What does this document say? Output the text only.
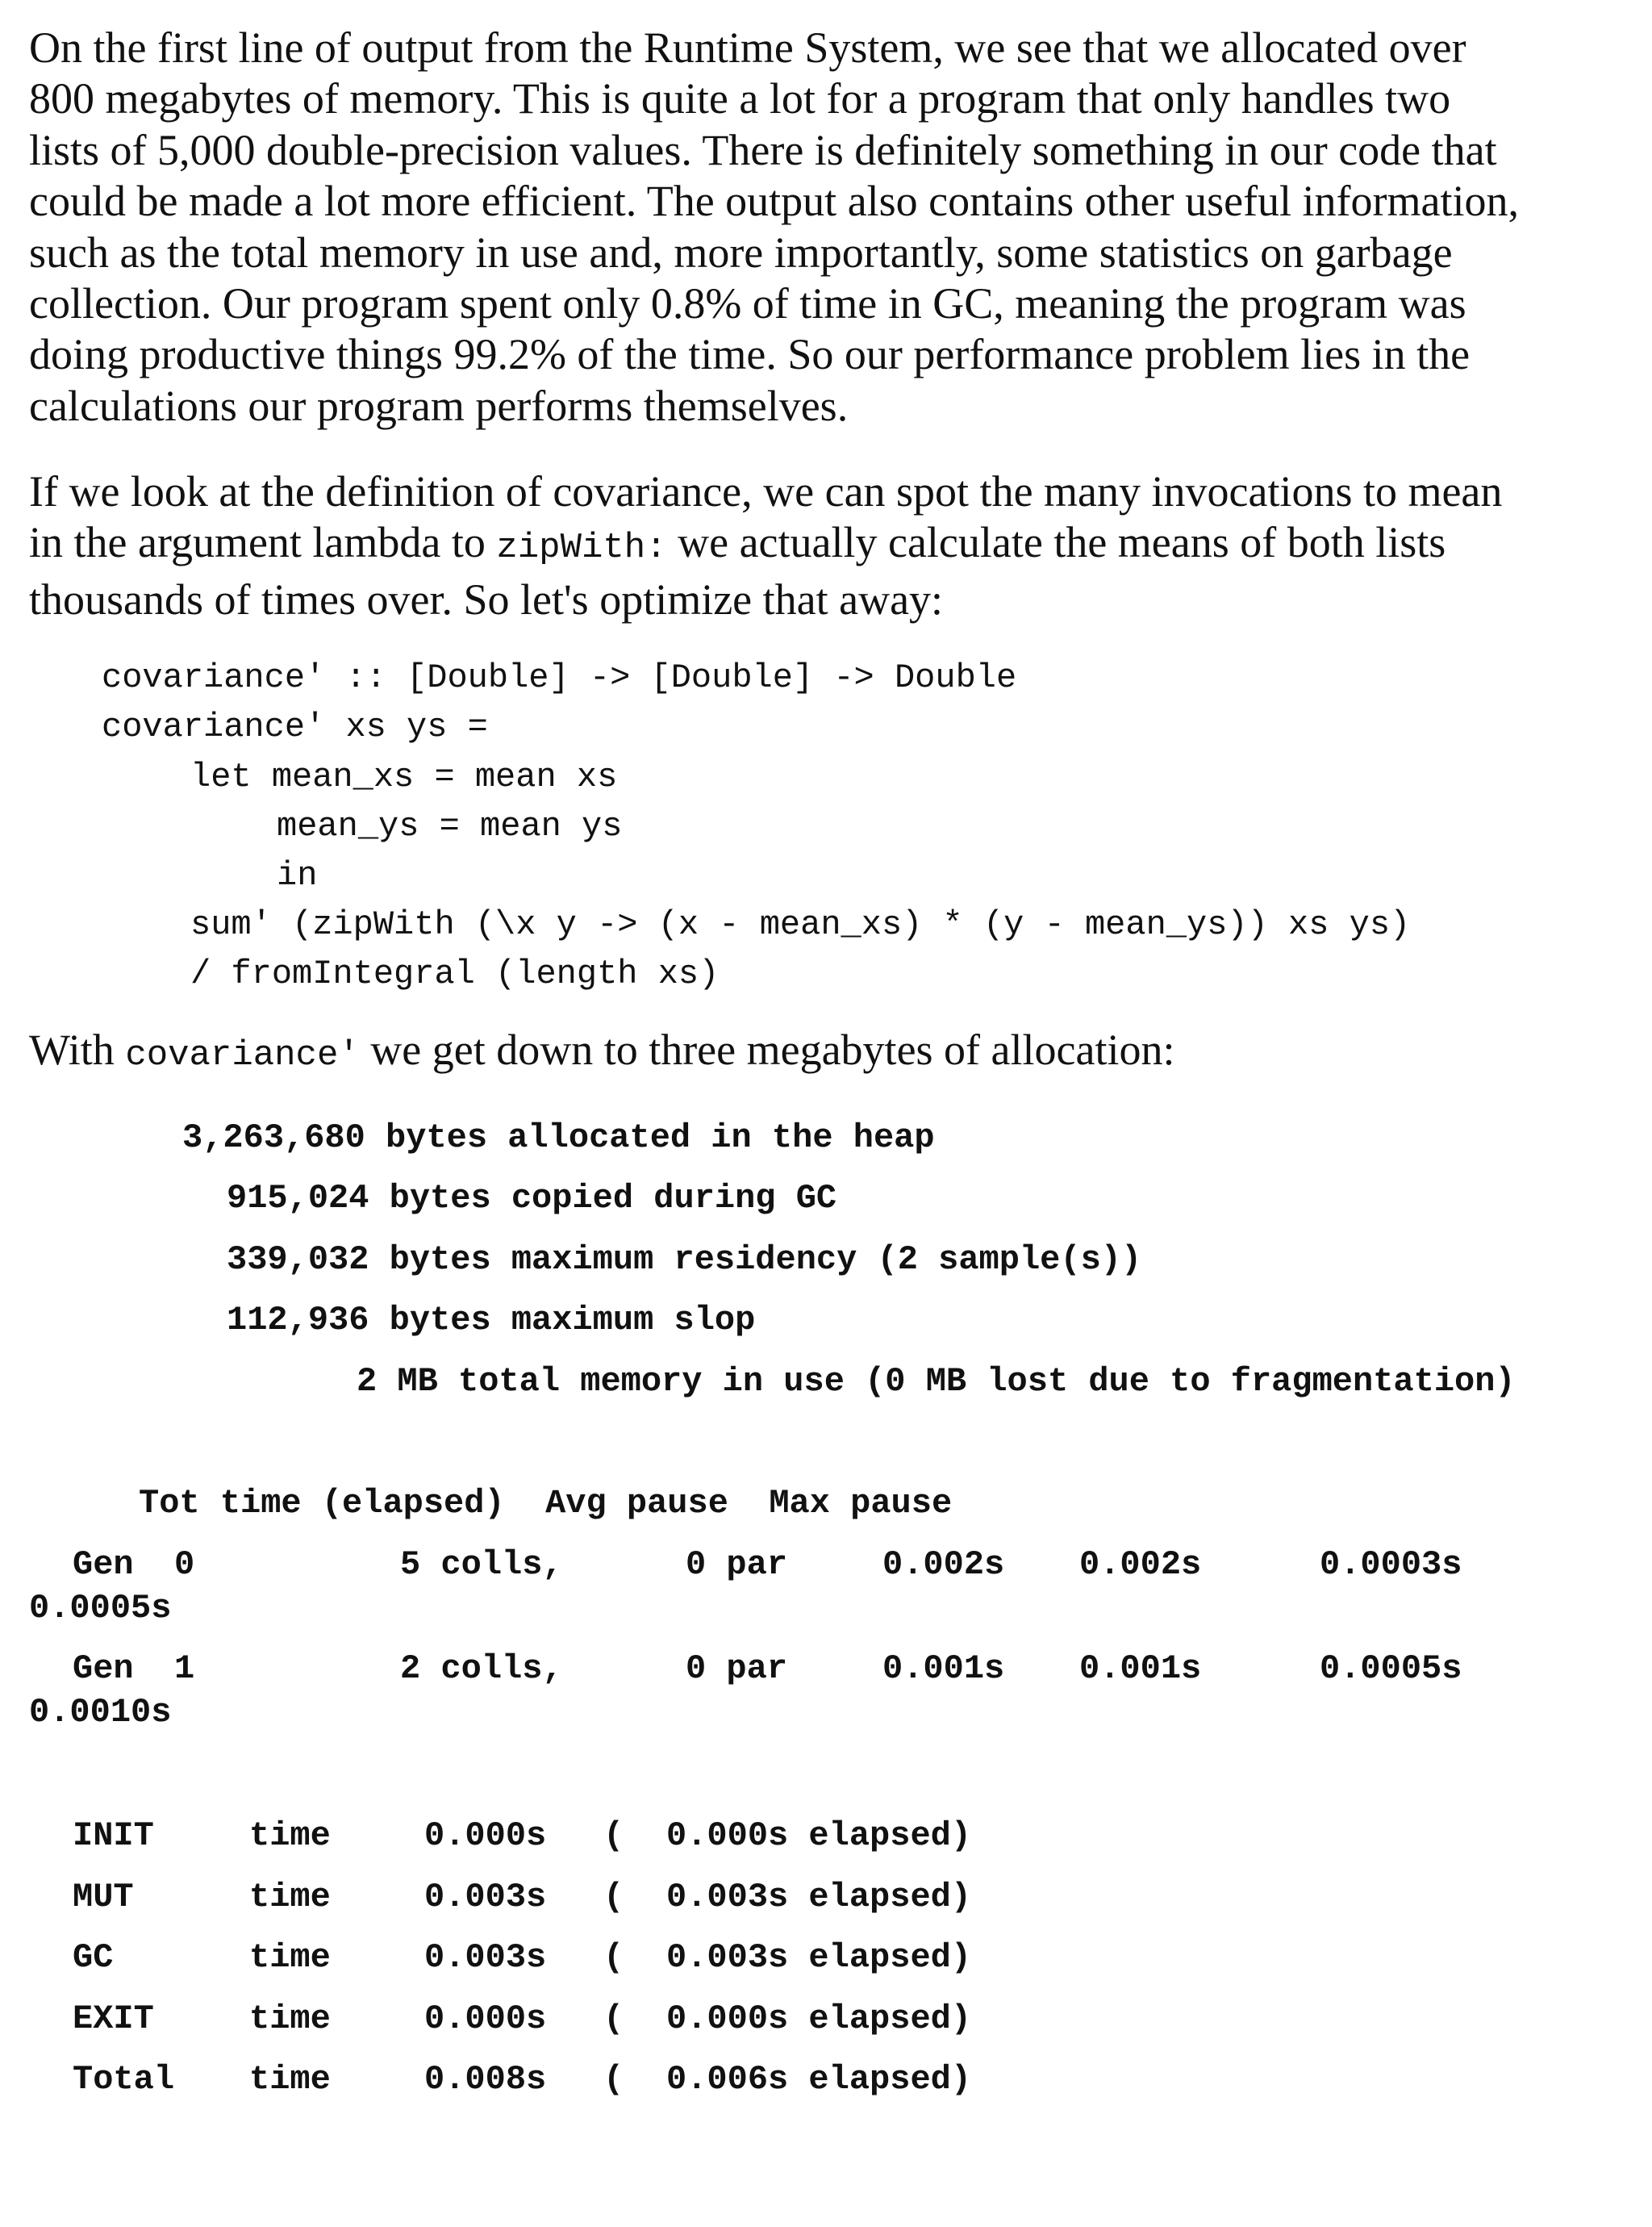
On the first line of output from the Runtime System, we see that we allocated over
800 megabytes of memory. This is quite a lot for a program that only handles two
lists of 5,000 double-precision values. There is definitely something in our code that
could be made a lot more efficient. The output also contains other useful information,
such as the total memory in use and, more importantly, some statistics on garbage
collection. Our program spent only 0.8% of time in GC, meaning the program was
doing productive things 99.2% of the time. So our performance problem lies in the
calculations our program performs themselves.

If we look at the definition of covariance, we can spot the many invocations to mean
in the argument lambda to zipWith: we actually calculate the means of both lists
thousands of times over. So let's optimize that away:

covariance' :: [Double] -> [Double] -> Double

covariance' xs ys =

let mean_xs = mean xs

mean_ys = mean ys

in

sum' (zipWith (\x y -> (x - mean_xs) * (y - mean_ys)) xs ys)

/ fromIntegral (length xs)

With covariance' we get down to three megabytes of allocation:

3,263,680 bytes allocated in the heap

915,024 bytes copied during GC

339,032 bytes maximum residency (2 sample(s))

112,936 bytes maximum slop

2 MB total memory in use (0 MB lost due to fragmentation)

Tot time (elapsed)  Avg pause  Max pause
Gen  0	5 colls,	0 par	0.002s 0.002s	0.0003s
0.0005s
Gen  1	2 colls,	0 par	0.001s 0.001s	0.0005s
0.0010s
INIT	time	0.000s ( 0.000s elapsed)
MUT	time	0.003s ( 0.003s elapsed)
GC	time	0.003s ( 0.003s elapsed)
EXIT	time	0.000s ( 0.000s elapsed)
Total time	0.008s ( 0.006s elapsed)
